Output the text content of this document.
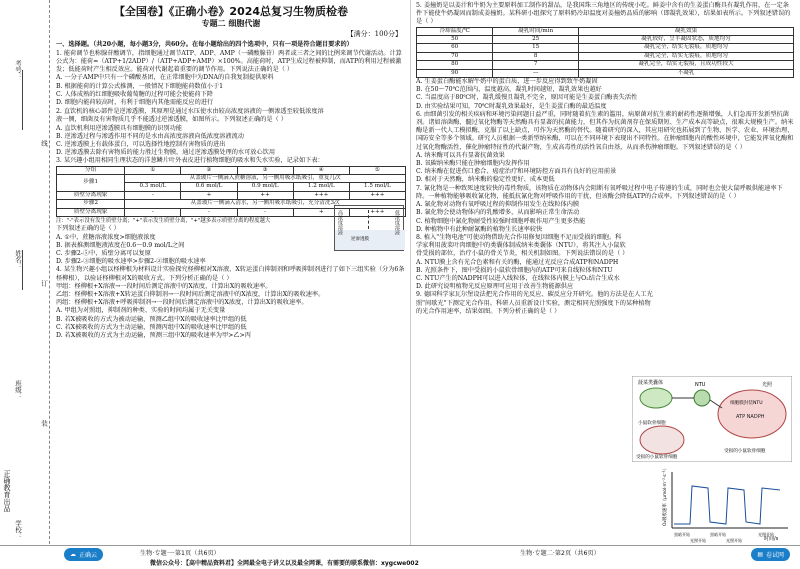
考号：
姓名：
班级：
学校：
正确教育出品
线
订
装
【全国卷】《正确小卷》2024总复习生物质检卷
专题二 细胞代谢
【满分：100分】
一、选择题。（共20小题，每小题3分，共60分。在每小题给出的四个选项中，只有一项是符合题目要求的）
1. 能荷调节也称腺苷酸调节，指细胞通过调节ATP、ADP、AMP（一磷酸腺苷）两者或三者之间的比例来调节代谢活动。计算公式为：能荷=（ATP+1/2ADP）/（ATP+ADP+AMP）×100%。高能荷时，ATP生成过程被抑制，而ATP的利用过程被激发；低能荷时产生相反效应。能荷对代谢起着重要的调节作用。下列说法正确的是（ ）
A. 一分子AMP中只有一个磷酸基团，在正常细胞中为DNA的自我复制提供原料
B. 根据能荷的计算公式推测，一般情况下细胞能荷数值小于1
C. 人体成熟的红细胞吸收葡萄糖的过程可能会使能荷下降
D. 细胞内能荷较高时，有利于细胞内其他需能反应的进行
2. 直饮机的核心部件是逆渗透膜，其原理是通过水压使水由较高浓度溶液的一侧渗透至较低浓度溶液一侧，细菌及有害物质几乎不能透过逆渗透膜，如图所示。下列叙述正确的是（ ）
A. 直饮机利用逆渗透膜具有细胞膜的识别功能
B. 逆渗透过程与渗透作用不同的是水由高浓度溶液向低浓度溶液流动
C. 逆渗透膜上有载体蛋白，可以选择性地控制有害物质的进出
D. 逆渗透膜去除有害物质的能力胜过生物膜，通过逆渗透膜处理的水可放心饮用
3. 某兴趣小组用相同生理状态的洋葱鳞片叶外表皮进行植物细胞的吸水和失水实验，记录如下表：
分组	①	②	③	④	⑤
步骤1	从盖玻片一侧滴入蔗糖溶液，另一侧用吸水纸吸引，重复几次				
	0.3 mol/L	0.6 mol/L	0.9 mol/L	1.2 mol/L	1.5 mol/L
质壁分离现象	-	+	++	+++	+++
步骤2	从盖玻片一侧滴入清水，另一侧用吸水纸吸引，充分清洗3次				
质壁分离现象	-	-	-	+	+++
注："-"表示没有发生质壁分离；"+"表示发生质壁分离，"+"越多表示质壁分离的程度越大
下列叙述正确的是（ ）
A. ①中，蔗糖溶液浓度>细胞液浓度
B. 据表推测细胞液浓度在0.6～0.9 mol/L之间
C. 步骤2-⑤中，质壁分离可以复原
D. 步骤2-③细胞的吸水速率>步骤2-②细胞的吸水速率
4. 某生物兴趣小组以柽柳根为材料设计实验探究柽柳根对X溶液、X转运蛋白抑制剂和呼吸抑制剂进行了如下三组实验（分为6条柽柳根），以验证柽柳根对X的吸收方式。下列分析正确的是（ ）
甲组：柽柳根+X溶液→一段时间后测定溶液中的X浓度，计算出X的吸收速率。
乙组：柽柳根+X溶液+X转运蛋白抑制剂→一段时间后测定溶液中的X浓度，计算出X的吸收速率。
丙组：柽柳根+X溶液+呼吸抑制剂→一段时间后测定溶液中的X浓度，计算出X的吸收速率。
A. 甲组为对照组，抑制剂的种类、实验的时间均属于无关变量
B. 若X被吸收的方式为被动运输，预测乙组中X的吸收速率比甲组的低
C. 若X被吸收的方式为主动运输，预测丙组中X的吸收速率比甲组的低
D. 若X被吸收的方式为主动运输，预测三组中X的吸收速率为甲>乙>丙
高浓度溶液
逆渗透膜
低浓度溶液
5. 姜撞奶是以姜汁和牛奶为主要原料加工制作的甜品，是我国珠三角地区的传统小吃。鲜姜中含有的生姜蛋白酶具有凝乳作用，在一定条件下能使牛奶凝固而制成姜撞奶。某科研小组探究了原料奶冷却温度对姜撞奶品质的影响（即凝乳效果），结果如表所示。下列叙述错误的是（ ）
冷却温度/℃	凝乳时间/min	凝乳效果
50	25	凝乳较好，呈半凝固状态，质地均匀
60	15	凝乳完全，结实无裂痕，质地均匀
70	8	凝乳完全，结实无裂痕，质地均匀
80	7	凝乳完全，结实无裂痕，且成功性较大
90	—	不凝乳
A. 生姜蛋白酶能水解牛奶中的蛋白质，进一步反应得到致牛奶凝固
B. 在50～70℃范围内，温度越高，凝乳时间越短，凝乳效果也越好
C. 当温度高于80℃时，凝乳缓慢且凝乳不完全，原因可能是生姜蛋白酶丧失活性
D. 由实验结果可知，70℃时凝乳效果最好，是生姜蛋白酶的最适温度
6. 由细菌引发的相关疾病和环境污染问题日益严重，同时随着抗生素的滥用，病原菌对抗生素的耐药性逐渐增强，人们急需开发新型抗菌剂。诸如溶菌酶、髓过氧化物酶等天然酶具有显著的抗菌能力，但其作为抗菌剂存在保质期短、生产成本高等缺点，很难大规模生产。纳米酶是新一代人工模拟酶，克服了以上缺点，可作为天然酶的替代。随着研究的深入，其应用研究也拓展到了生物、医学、农业、环境治理、国防安全等多个领域。研究人员根据一类新型纳米酶，可以在不同环境下表现出不同特性。在肿瘤细胞内的酸性环境中，它能发挥氧化酶和过氧化物酶活性，催化肿瘤特征性的代谢产物，生成高毒性的活性氧自由基，从而杀伤肿瘤细胞。下列叙述错误的是（ ）
A. 纳米酶可以具有显著抗菌效果
B. 氧碳纳米酶只能在肿瘤细胞内发挥作用
C. 纳米酶在促进伤口愈合、癌症治疗和环境防控方面具有良好的应用前景
D. 相对于天然酶，纳米酶的稳定性更好、成本更低
7. 氰化物是一种致死速度较快的毒性物质，该物质在动物体内会阻断有氧呼吸过程中电子传递的生成，同时也会使大鼠呼吸供能速率下降。一种植物能够吸收氰化物，能抵抗氰化物对呼吸作用的干扰，但该酶会降低ATP的合成率。下列叙述错误的是（ ）
A. 氰化物对动物有氧呼吸过程的抑制作用发生在线粒体内膜
B. 氰化物会使动物体内的乳酸增多，从而影响正常生命活动
C. 植物细胞中氰化物耐受性较强时细胞呼吸作用产生更多热能
D. 种植物中有此种耐氰酶的植物生长速率较快
8. 植入"生物电池"可使动物借助光合作用修复因细胞不足而受损的细胞。科学家利用菠菜叶肉细胞中的类囊体制成纳米类囊体（NTU），将其注入小鼠软骨受损的部位，治疗小鼠的骨关节炎，相关机制如图。下列说法错误的是（ ）
A. NTU膜上含有光合色素和有关的酶，能通过光反应合成ATP和NADPH
B. 光照条件下，图中受损的小鼠软骨细胞内的ATP可来自线粒体和NTU
C. NTU产生的NADPH可以进入线粒体，在线粒体内膜上与O₂结合生成水
D. 此研究说明植物光反应原理可应用于改善生物能源供应
9. 德国科学家瓦尔堡设法把光合作用的光反应、碳反应分开研究。他的方法是在人工光照"间歇光"下测定光合作用。科研人员重新设计实验，测定相同光照强度下的某种植物的光合作用速率，结果如图。下列分析正确的是（ ）
菠菜类囊体	NTU	光照
细胞膜封装NTU
ATP NADPH
受损的小鼠软骨细胞
受损的小鼠软骨细胞
小鼠软骨细胞
O₂吸收速率（μmol·m⁻²·s⁻¹）
时间/s
黑暗开始
光照开始
黑暗开始
光照开始
光照开始
生物·专题一·第1页（共6页）	生物·专题二·第2页（共6页）
微信公众号：【高中精品资料君】全网最全电子讲义以及最全网课，有需要的联系微信：xygcwe002
☁ 正确云	▤ 卷试网
